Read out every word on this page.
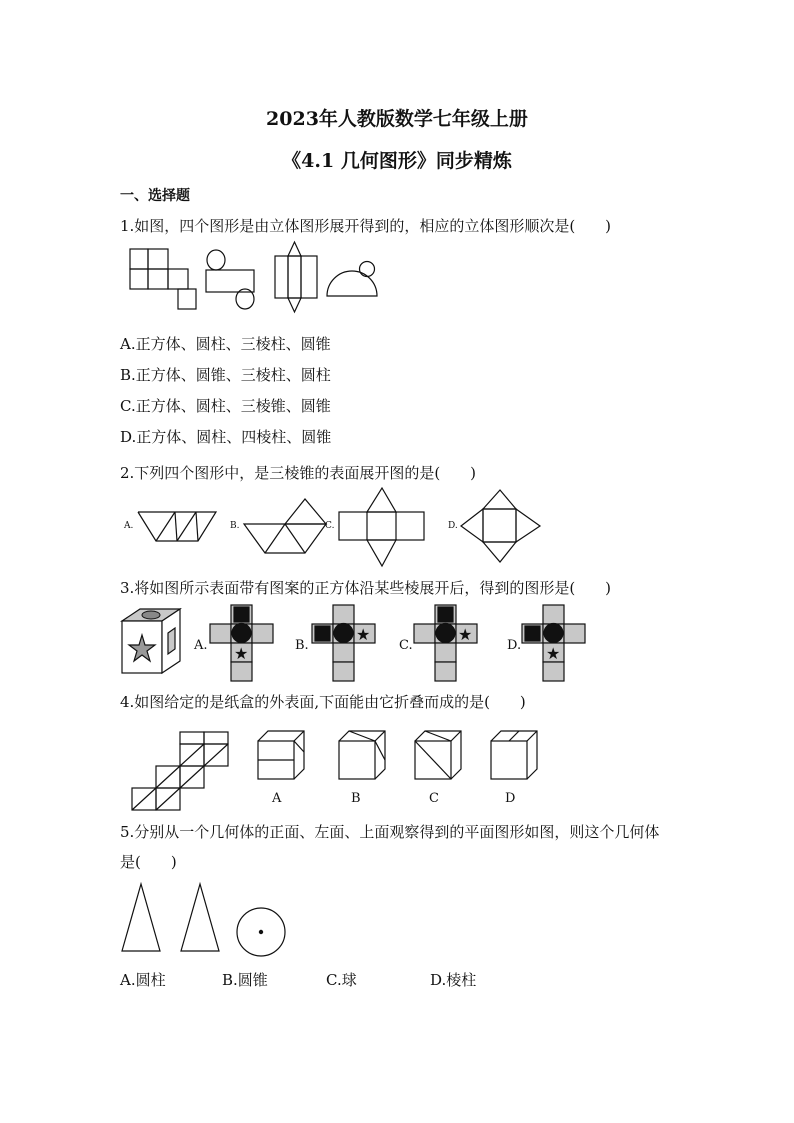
2023年人教版数学七年级上册
《4.1 几何图形》同步精炼
一、选择题
1.如图，四个图形是由立体图形展开得到的，相应的立体图形顺次是(　　)
A.正方体、圆柱、三棱柱、圆锥
B.正方体、圆锥、三棱柱、圆柱
C.正方体、圆柱、三棱锥、圆锥
D.正方体、圆柱、四棱柱、圆锥
2.下列四个图形中，是三棱锥的表面展开图的是(　　)
A.	B.	C.	D.
3.将如图所示表面带有图案的正方体沿某些棱展开后，得到的图形是(　　)
A. ★	B.
★
C.
★
D. ★
4.如图给定的是纸盒的外表面,下面能由它折叠而成的是(　　)
A	B	C	D
5.分别从一个几何体的正面、左面、上面观察得到的平面图形如图，则这个几何体
是(　　)
A.圆柱	B.圆锥	C.球	D.棱柱
